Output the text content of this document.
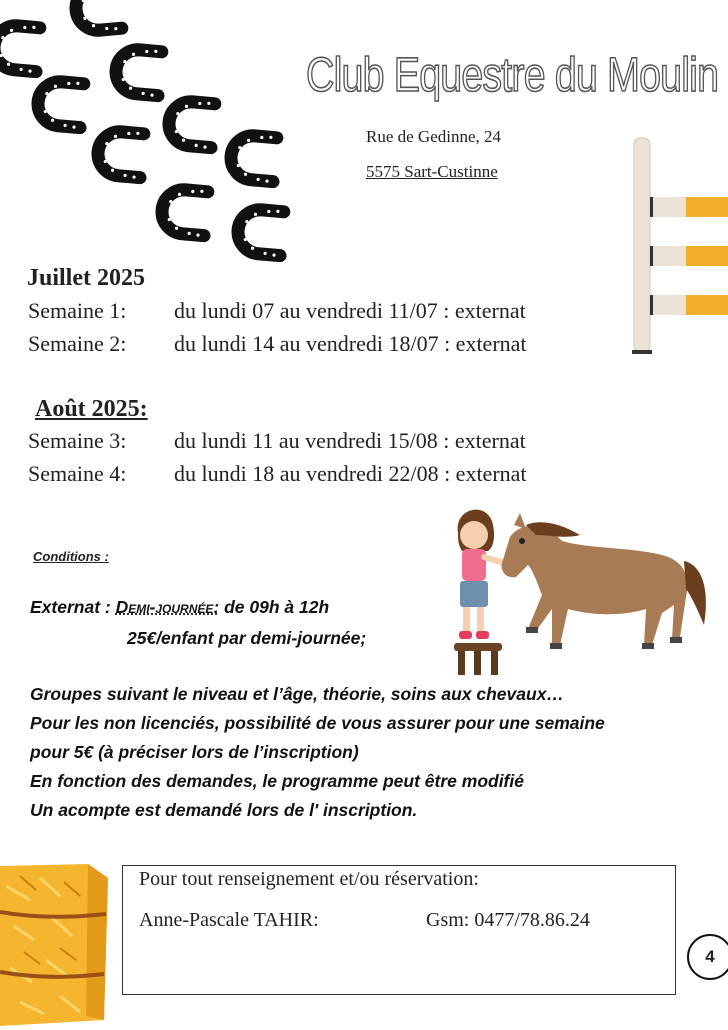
Club Equestre du Moulin
Rue de Gedinne, 24
5575 Sart-Custinne
Juillet 2025
Semaine 1: du lundi 07 au vendredi 11/07 : externat
Semaine 2: du lundi 14 au vendredi 18/07 : externat
Août 2025:
Semaine 3: du lundi 11 au vendredi 15/08 : externat
Semaine 4: du lundi 18 au vendredi 22/08 : externat
Conditions :
Externat : Demi-journée: de 09h à 12h
25€/enfant par demi-journée;
Groupes suivant le niveau et l’âge, théorie, soins aux chevaux…
Pour les non licenciés, possibilité de vous assurer pour une semaine
pour 5€ (à préciser lors de l’inscription)
En fonction des demandes, le programme peut être modifié
Un acompte est demandé lors de l' inscription.
Pour tout renseignement et/ou réservation:
Anne-Pascale TAHIR:	Gsm: 0477/78.86.24
4
